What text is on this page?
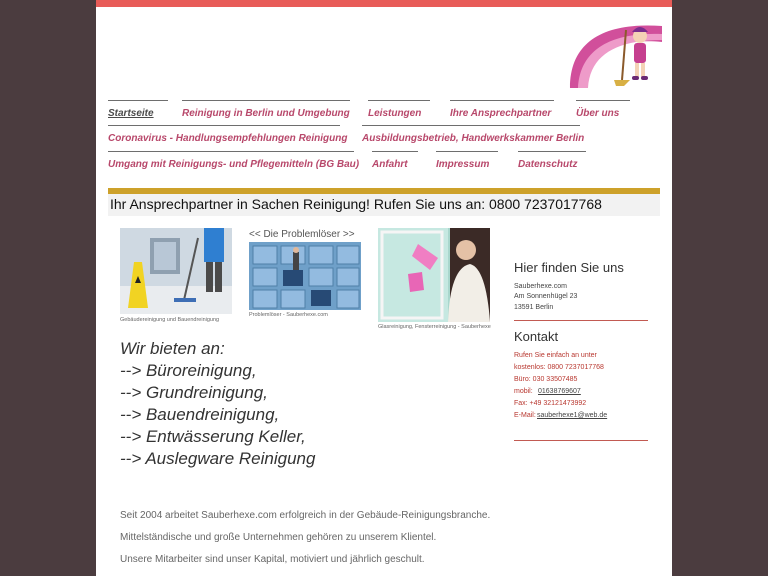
Startseite	Reinigung in Berlin und Umgebung Leistungen	Ihre Ansprechpartner Über uns
Coronavirus - Handlungsempfehlungen Reinigung Ausbildungsbetrieb, Handwerkskammer Berlin
Umgang mit Reinigungs- und Pflegemitteln (BG Bau) Anfahrt	Impressum	Datenschutz
Ihr Ansprechpartner in Sachen Reinigung! Rufen Sie uns an: 0800 7237017768
Gebäudereinigung und Bauendreinigung
<< Die Problemlöser >>
Problemlöser - Sauberhexe.com
Glasreinigung, Fensterreinigung - Sauberhexe
Wir bieten an:
--> Büroreinigung,
--> Grundreinigung,
--> Bauendreinigung,
--> Entwässerung Keller,
--> Auslegware Reinigung
Seit 2004 arbeitet Sauberhexe.com erfolgreich in der Gebäude-Reinigungsbranche.
Mittelständische und große Unternehmen gehören zu unserem Klientel.
Unsere Mitarbeiter sind unser Kapital, motiviert und jährlich geschult.
Hier finden Sie uns
Sauberhexe.com
Am Sonnenhügel 23
13591 Berlin
Kontakt
Rufen Sie einfach an unter
kostenlos: 0800 7237017768
Büro: 030 33507485
mobil: 01638769607
Fax: +49 32121473992
E-Mail: sauberhexe1@web.de
